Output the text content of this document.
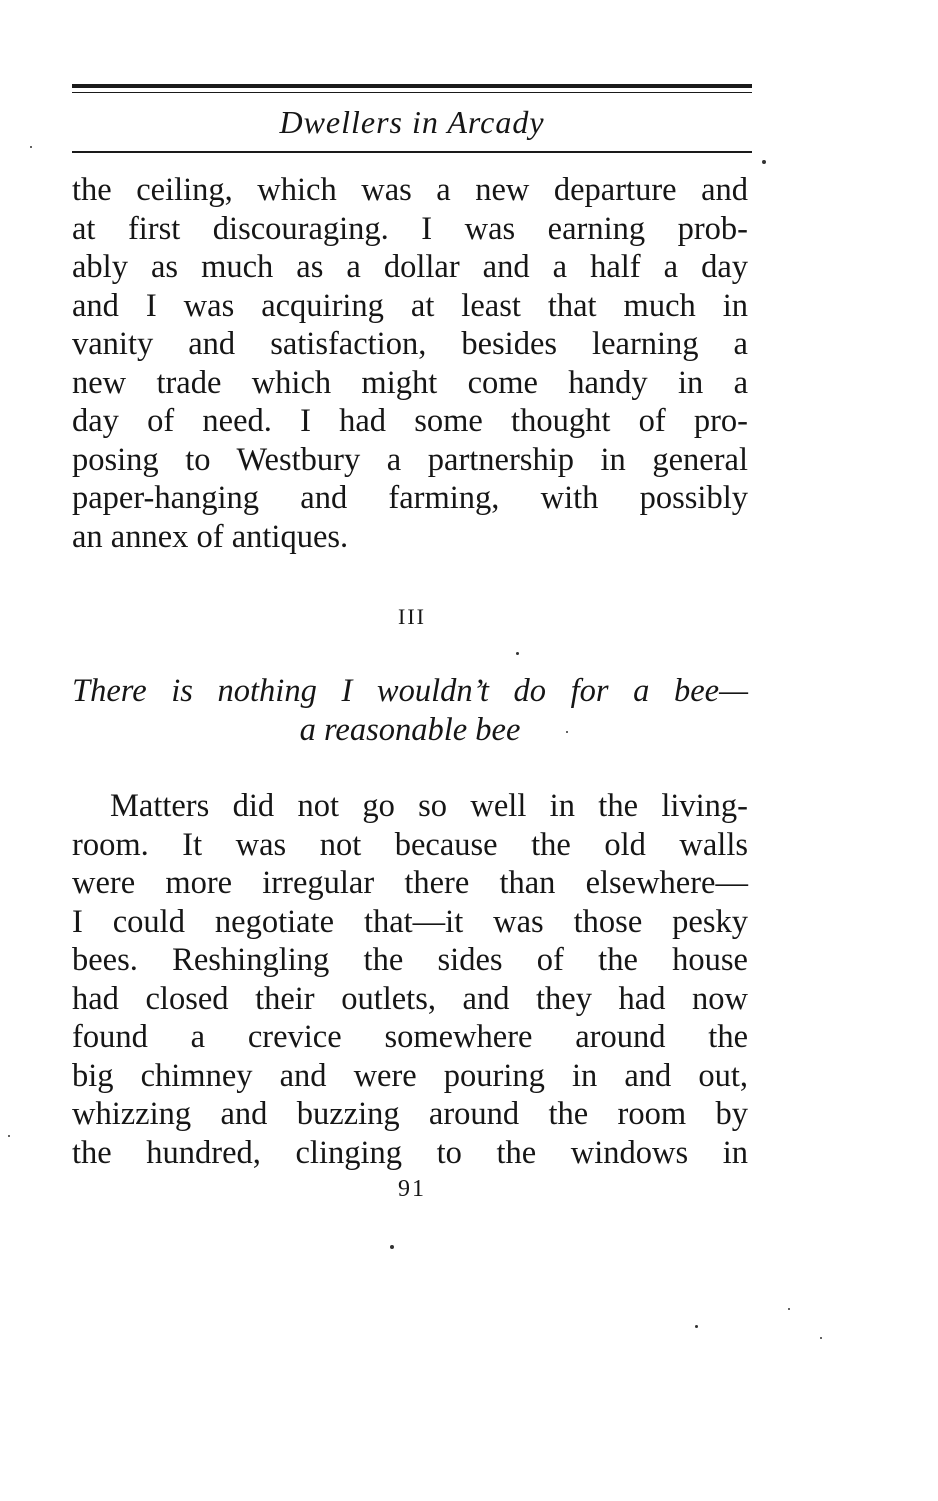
Dwellers in Arcady
the ceiling, which was a new departure and
at first discouraging. I was earning prob-
ably as much as a dollar and a half a day
and I was acquiring at least that much in
vanity and satisfaction, besides learning a
new trade which might come handy in a
day of need. I had some thought of pro-
posing to Westbury a partnership in general
paper-hanging and farming, with possibly
an annex of antiques.
III
There is nothing I wouldn’t do for a bee—
a reasonable bee
Matters did not go so well in the living-
room. It was not because the old walls
were more irregular there than elsewhere—
I could negotiate that—it was those pesky
bees. Reshingling the sides of the house
had closed their outlets, and they had now
found a crevice somewhere around the
big chimney and were pouring in and out,
whizzing and buzzing around the room by
the hundred, clinging to the windows in
91
